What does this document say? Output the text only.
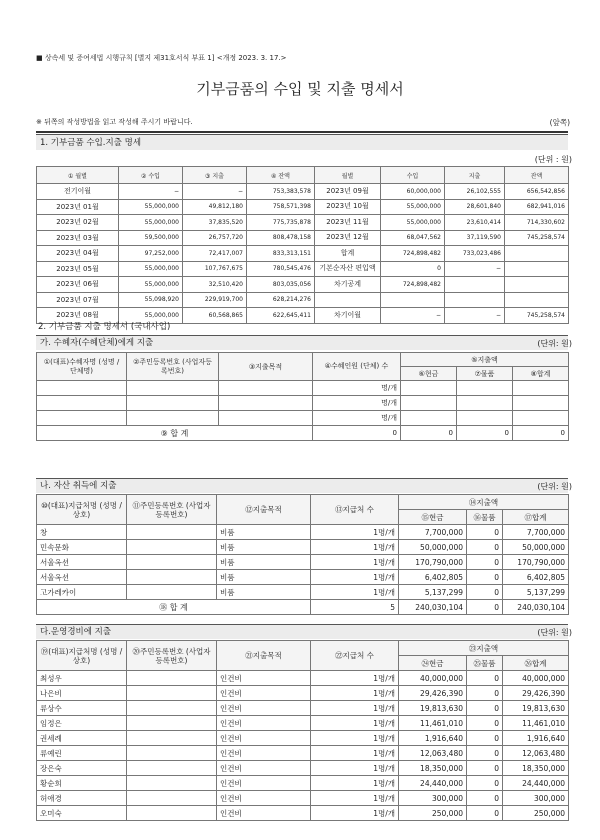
■ 상속세 및 증여세법 시행규칙 [별지 제31호서식 부표 1] <개정 2023. 3. 17.>
기부금품의 수입 및 지출 명세서
※ 뒤쪽의 작성방법을 읽고 작성해 주시기 바랍니다.	(앞쪽)
1. 기부금품 수입.지출 명세
(단위 : 원)
① 월별	② 수입	③ 지출	④ 잔액	월별	수입	지출	잔액
전기이월	−	−	753,383,578	2023년 09월	60,000,000	26,102,555	656,542,856
2023년 01월	55,000,000	49,812,180	758,571,398	2023년 10월	55,000,000	28,601,840	682,941,016
2023년 02월	55,000,000	37,835,520	775,735,878	2023년 11월	55,000,000	23,610,414	714,330,602
2023년 03월	59,500,000	26,757,720	808,478,158	2023년 12월	68,047,562	37,119,590	745,258,574
2023년 04월	97,252,000	72,417,007	833,313,151	합계	724,898,482	733,023,486	
2023년 05월	55,000,000	107,767,675	780,545,476	기본순자산 편입액	0	−	
2023년 06월	55,000,000	32,510,420	803,035,056	차기공계	724,898,482		
2023년 07월	55,098,920	229,919,700	628,214,276				
2023년 08월	55,000,000	60,568,865	622,645,411	차기이월	−	−	745,258,574
2. 기부금품 지출 명세서 (국내사업)
가. 수혜자(수혜단체)에게 지출	(단위: 원)
①(대표)수혜자명 (성명 / 단체명)	②주민등록번호 (사업자등록번호)	③지출목적	④수혜인원 (단체) 수	⑤지출액		
				⑥현금	⑦물품	⑧합계
			명/개			
			명/개			
			명/개			
⑨ 합 계			0	0	0	0
나. 자산 취득에 지출	(단위: 원)
⑩(대표)지급처명 (성명 / 상호)	⑪주민등록번호 (사업자등록번호)	⑫지출목적	⑬지급처 수	⑭지출액		
				⑮현금	⑯물품	⑰합계
창		비품	1명/개	7,700,000	0	7,700,000
민속문화		비품	1명/개	50,000,000	0	50,000,000
서울옥션		비품	1명/개	170,790,000	0	170,790,000
서울옥션		비품	1명/개	6,402,805	0	6,402,805
고가레카이		비품	1명/개	5,137,299	0	5,137,299
⑱ 합 계			5	240,030,104	0	240,030,104
다.운영경비에 지출	(단위: 원)
⑲(대표)지급처명 (성명 / 상호)	⑳주민등록번호 (사업자등록번호)	㉑지출목적	㉒지급처 수	㉓지출액		
				㉔현금	㉕물품	㉖합계
최성우		인건비	1명/개	40,000,000	0	40,000,000
나은비		인건비	1명/개	29,426,390	0	29,426,390
류상수		인건비	1명/개	19,813,630	0	19,813,630
임정은		인건비	1명/개	11,461,010	0	11,461,010
권세례		인건비	1명/개	1,916,640	0	1,916,640
류예린		인건비	1명/개	12,063,480	0	12,063,480
장은숙		인건비	1명/개	18,350,000	0	18,350,000
황순희		인건비	1명/개	24,440,000	0	24,440,000
허애경		인건비	1명/개	300,000	0	300,000
오미숙		인건비	1명/개	250,000	0	250,000
